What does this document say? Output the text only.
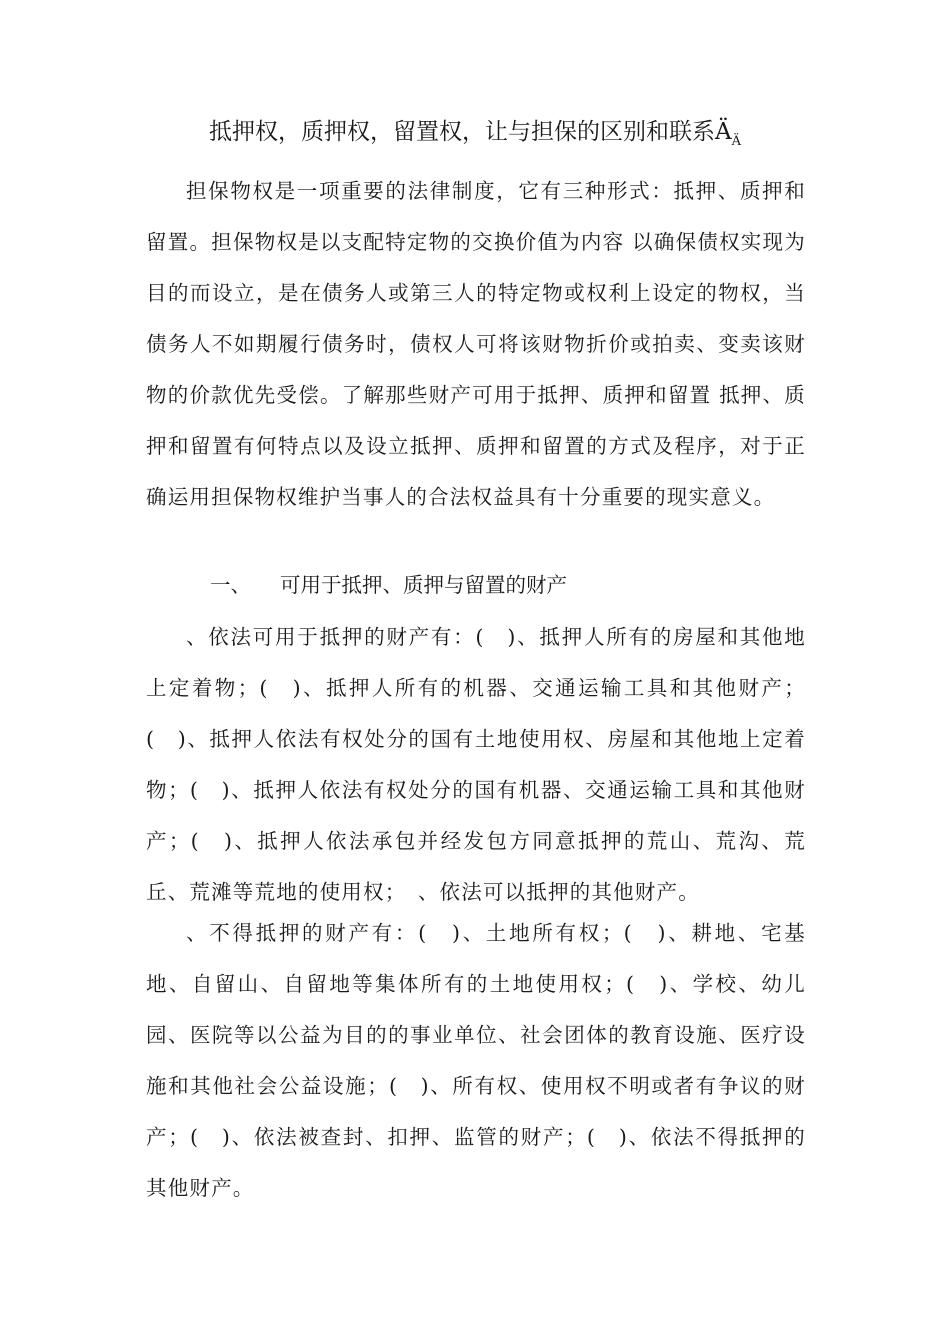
抵押权，质押权，留置权，让与担保的区别和联系$Ä_Ä$

担保物权是一项重要的法律制度，它有三种形式：抵押、质押和留置。担保物权是以支配特定物的交换价值为内容 以确保债权实现为目的而设立，是在债务人或第三人的特定物或权利上设定的物权，当债务人不如期履行债务时，债权人可将该财物折价或拍卖、变卖该财物的价款优先受偿。了解那些财产可用于抵押、质押和留置 抵押、质押和留置有何特点以及设立抵押、质押和留置的方式及程序，对于正确运用担保物权维护当事人的合法权益具有十分重要的现实意义。

一、 可用于抵押、质押与留置的财产

、依法可用于抵押的财产有：(　)、抵押人所有的房屋和其他地上定着物；(　)、抵押人所有的机器、交通运输工具和其他财产；(　)、抵押人依法有权处分的国有土地使用权、房屋和其他地上定着物；(　)、抵押人依法有权处分的国有机器、交通运输工具和其他财产；(　)、抵押人依法承包并经发包方同意抵押的荒山、荒沟、荒丘、荒滩等荒地的使用权；　、依法可以抵押的其他财产。

、不得抵押的财产有：(　)、土地所有权；(　)、耕地、宅基地、自留山、自留地等集体所有的土地使用权；(　)、学校、幼儿园、医院等以公益为目的的事业单位、社会团体的教育设施、医疗设施和其他社会公益设施；(　)、所有权、使用权不明或者有争议的财产；(　)、依法被查封、扣押、监管的财产；(　)、依法不得抵押的其他财产。
